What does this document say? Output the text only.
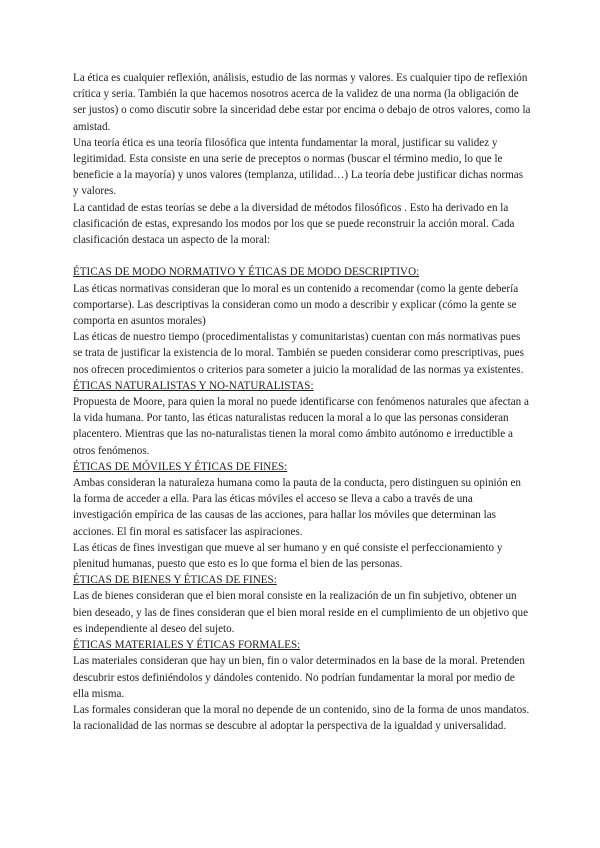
La ética es cualquier reflexión, análisis, estudio de las normas y valores. Es cualquier tipo de reflexión crítica y seria. También la que hacemos nosotros acerca de la validez de una norma (la obligación de ser justos) o como discutir sobre la sinceridad debe estar por encima o debajo de otros valores, como la amistad.

Una teoría ética es una teoría filosófica que intenta fundamentar la moral, justificar su validez y legitimidad. Esta consiste en una serie de preceptos o normas (buscar el término medio, lo que le beneficie a la mayoría) y unos valores (templanza, utilidad…) La teoría debe justificar dichas normas y valores.

La cantidad de estas teorías se debe a la diversidad de métodos filosóficos . Esto ha derivado en la clasificación de estas, expresando los modos por los que se puede reconstruir la acción moral. Cada clasificación destaca un aspecto de la moral:

ÉTICAS DE MODO NORMATIVO Y ÉTICAS DE MODO DESCRIPTIVO:

Las éticas normativas consideran que lo moral es un contenido a recomendar (como la gente debería comportarse). Las descriptivas la consideran como un modo a describir y explicar (cómo la gente se comporta en asuntos morales)

Las éticas de nuestro tiempo (procedimentalistas y comunitaristas) cuentan con más normativas pues se trata de justificar la existencia de lo moral. También se pueden considerar como prescriptivas, pues nos ofrecen procedimientos o criterios para someter a juicio la moralidad de las normas ya existentes.

ÉTICAS NATURALISTAS Y NO-NATURALISTAS:

Propuesta de Moore, para quien la moral no puede identificarse con fenómenos naturales que afectan a la vida humana. Por tanto, las éticas naturalistas reducen la moral a lo que las personas consideran placentero. Mientras que las no-naturalistas tienen la moral como ámbito autónomo e irreductible a otros fenómenos.

ÉTICAS DE MÓVILES Y ÉTICAS DE FINES:

Ambas consideran la naturaleza humana como la pauta de la conducta, pero distinguen su opinión en la forma de acceder a ella. Para las éticas móviles el acceso se lleva a cabo a través de una investigación empírica de las causas de las acciones, para hallar los móviles que determinan las acciones. El fin moral es satisfacer las aspiraciones.

Las éticas de fines investigan que mueve al ser humano y en qué consiste el perfeccionamiento y plenitud humanas, puesto que esto es lo que forma el bien de las personas.

ÉTICAS DE BIENES Y ÉTICAS DE FINES:

Las de bienes consideran que el bien moral consiste en la realización de un fin subjetivo, obtener un bien deseado, y las de fines consideran que el bien moral reside en el cumplimiento de un objetivo que es independiente al deseo del sujeto.

ÉTICAS MATERIALES Y ÉTICAS FORMALES:

Las materiales consideran que hay un bien, fin o valor determinados en la base de la moral. Pretenden descubrir estos definiéndolos y dándoles contenido. No podrían fundamentar la moral por medio de ella misma.

Las formales consideran que la moral no depende de un contenido, sino de la forma de unos mandatos. la racionalidad de las normas se descubre al adoptar la perspectiva de la igualdad y universalidad.
